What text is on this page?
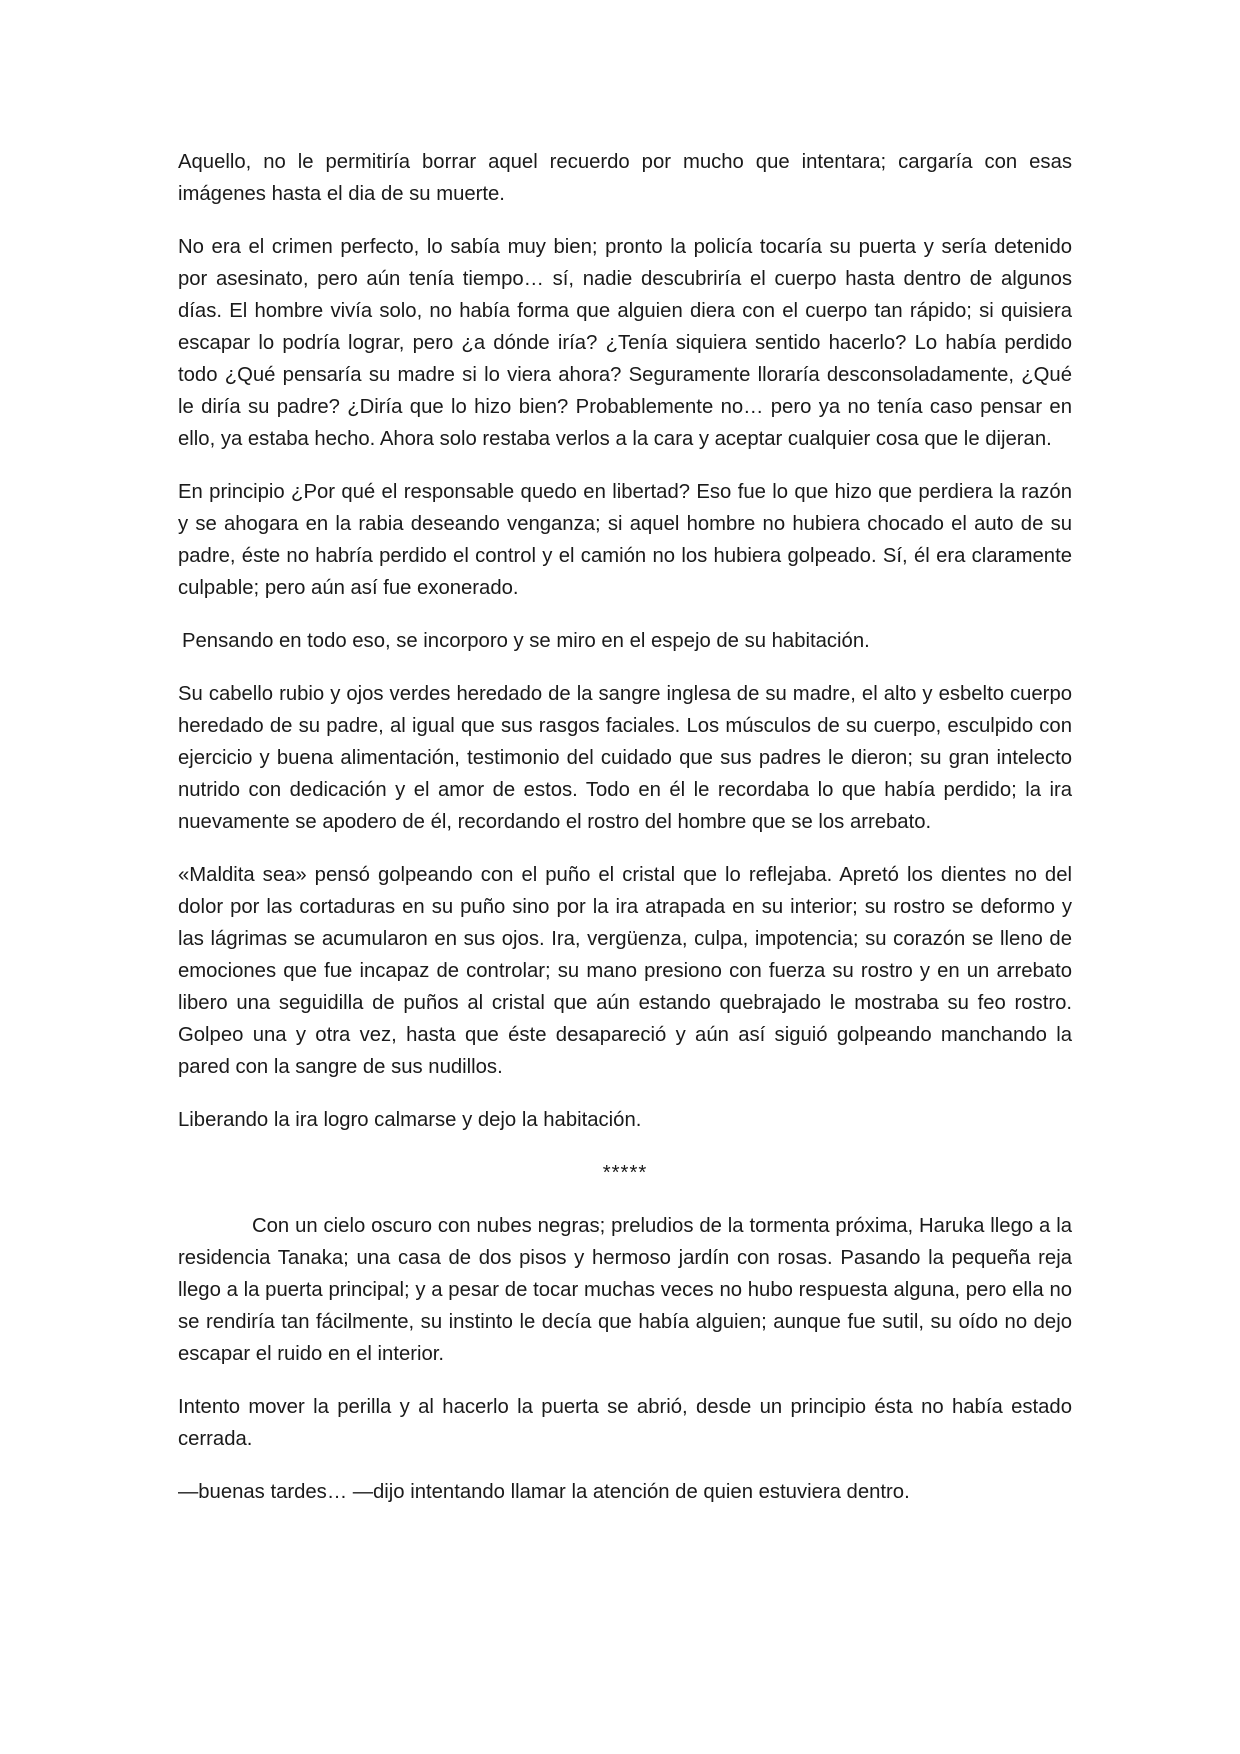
Aquello, no le permitiría borrar aquel recuerdo por mucho que intentara; cargaría con esas imágenes hasta el dia de su muerte.

No era el crimen perfecto, lo sabía muy bien; pronto la policía tocaría su puerta y sería detenido por asesinato, pero aún tenía tiempo… sí, nadie descubriría el cuerpo hasta dentro de algunos días. El hombre vivía solo, no había forma que alguien diera con el cuerpo tan rápido; si quisiera escapar lo podría lograr, pero ¿a dónde iría? ¿Tenía siquiera sentido hacerlo? Lo había perdido todo ¿Qué pensaría su madre si lo viera ahora? Seguramente lloraría desconsoladamente, ¿Qué le diría su padre? ¿Diría que lo hizo bien? Probablemente no… pero ya no tenía caso pensar en ello, ya estaba hecho. Ahora solo restaba verlos a la cara y aceptar cualquier cosa que le dijeran.

En principio ¿Por qué el responsable quedo en libertad? Eso fue lo que hizo que perdiera la razón y se ahogara en la rabia deseando venganza; si aquel hombre no hubiera chocado el auto de su padre, éste no habría perdido el control y el camión no los hubiera golpeado. Sí, él era claramente culpable; pero aún así fue exonerado.

Pensando en todo eso, se incorporo y se miro en el espejo de su habitación.

Su cabello rubio y ojos verdes heredado de la sangre inglesa de su madre, el alto y esbelto cuerpo heredado de su padre, al igual que sus rasgos faciales. Los músculos de su cuerpo, esculpido con ejercicio y buena alimentación, testimonio del cuidado que sus padres le dieron; su gran intelecto nutrido con dedicación y el amor de estos. Todo en él le recordaba lo que había perdido; la ira nuevamente se apodero de él, recordando el rostro del hombre que se los arrebato.

«Maldita sea» pensó golpeando con el puño el cristal que lo reflejaba. Apretó los dientes no del dolor por las cortaduras en su puño sino por la ira atrapada en su interior; su rostro se deformo y las lágrimas se acumularon en sus ojos. Ira, vergüenza, culpa, impotencia; su corazón se lleno de emociones que fue incapaz de controlar; su mano presiono con fuerza su rostro y en un arrebato libero una seguidilla de puños al cristal que aún estando quebrajado le mostraba su feo rostro. Golpeo una y otra vez, hasta que éste desapareció y aún así siguió golpeando manchando la pared con la sangre de sus nudillos.

Liberando la ira logro calmarse y dejo la habitación.

*****

Con un cielo oscuro con nubes negras; preludios de la tormenta próxima, Haruka llego a la residencia Tanaka; una casa de dos pisos y hermoso jardín con rosas. Pasando la pequeña reja llego a la puerta principal; y a pesar de tocar muchas veces no hubo respuesta alguna, pero ella no se rendiría tan fácilmente, su instinto le decía que había alguien; aunque fue sutil, su oído no dejo escapar el ruido en el interior.

Intento mover la perilla y al hacerlo la puerta se abrió, desde un principio ésta no había estado cerrada.

—buenas tardes… —dijo intentando llamar la atención de quien estuviera dentro.
